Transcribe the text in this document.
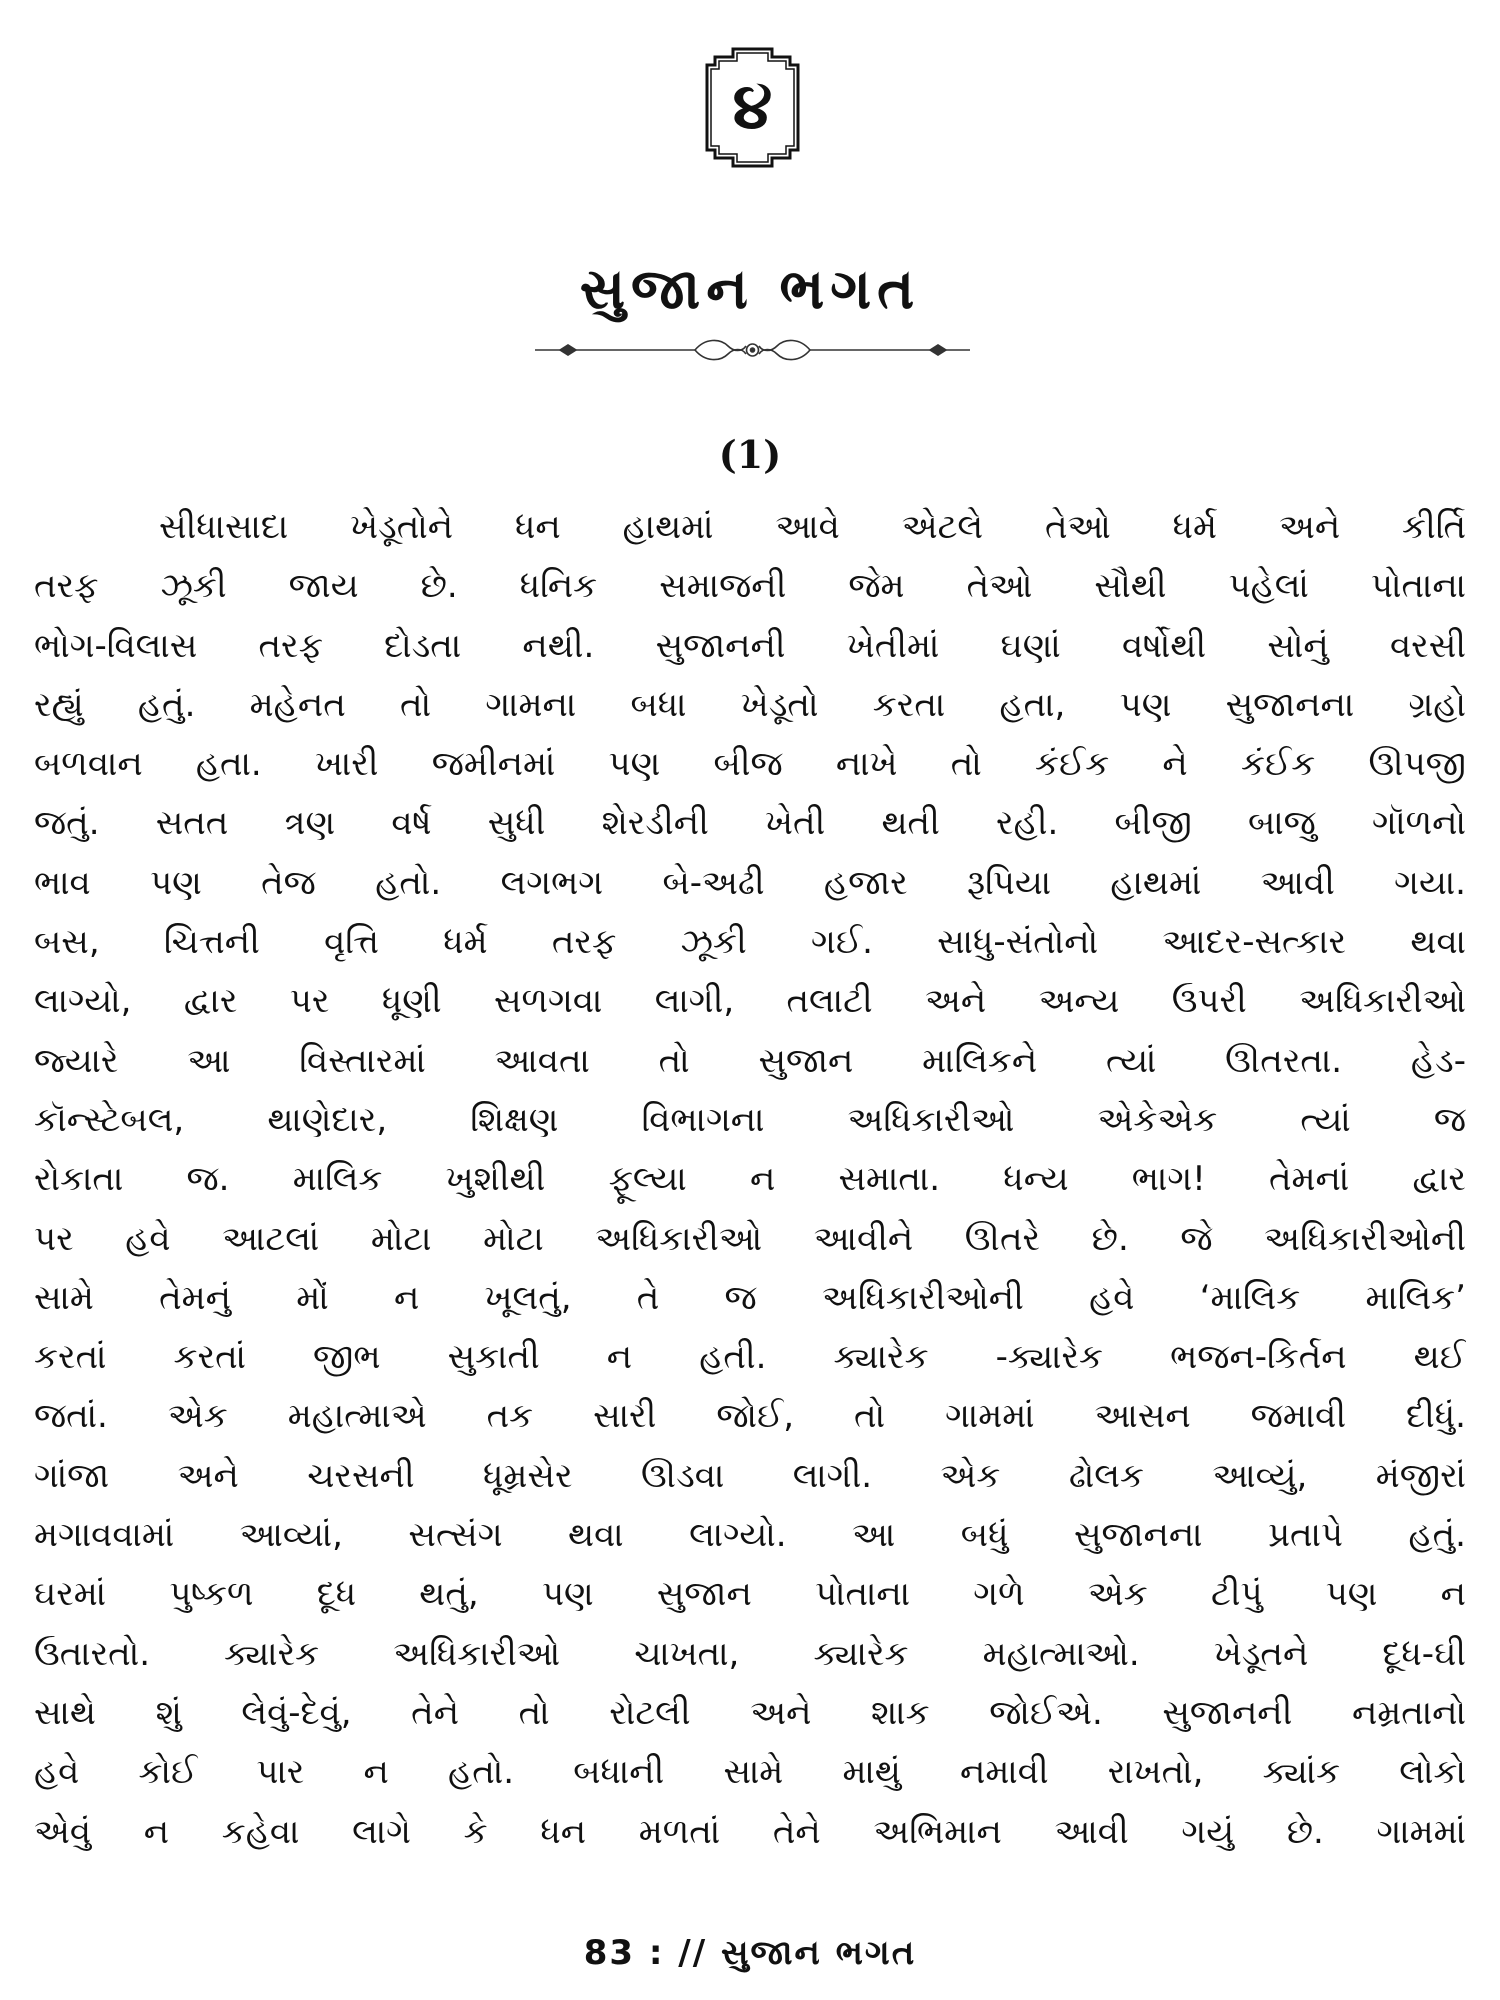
૪
સુજાન ભગત
(1)
સીધાસાદા ખેડૂતોને ધન હાથમાં આવે એટલે તેઓ ધર્મ અને કીર્તિ
તરફ ઝૂકી જાય છે. ધનિક સમાજની જેમ તેઓ સૌથી પહેલાં પોતાના
ભોગ-વિલાસ તરફ દોડતા નથી. સુજાનની ખેતીમાં ઘણાં વર્ષોથી સોનું વરસી
રહ્યું હતું. મહેનત તો ગામના બધા ખેડૂતો કરતા હતા, પણ સુજાનના ગ્રહો
બળવાન હતા. ખારી જમીનમાં પણ બીજ નાખે તો કંઈક ને કંઈક ઊપજી
જતું. સતત ત્રણ વર્ષ સુધી શેરડીની ખેતી થતી રહી. બીજી બાજુ ગૉળનો
ભાવ પણ તેજ હતો. લગભગ બે-અઢી હજાર રૂપિયા હાથમાં આવી ગયા.
બસ, ચિત્તની વૃત્તિ ધર્મ તરફ ઝૂકી ગઈ. સાધુ-સંતોનો આદર-સત્કાર થવા
લાગ્યો, દ્વાર પર ધૂણી સળગવા લાગી, તલાટી અને અન્ય ઉપરી અધિકારીઓ
જ્યારે આ વિસ્તારમાં આવતા તો સુજાન માલિકને ત્યાં ઊતરતા. હેડ-
કૉન્સ્ટેબલ, થાણેદાર, શિક્ષણ વિભાગના અધિકારીઓ એકેએક ત્યાં જ
રોકાતા જ. માલિક ખુશીથી ફૂલ્યા ન સમાતા. ધન્ય ભાગ! તેમનાં દ્વાર
પર હવે આટલાં મોટા મોટા અધિકારીઓ આવીને ઊતરે છે. જે અધિકારીઓની
સામે તેમનું મોં ન ખૂલતું, તે જ અધિકારીઓની હવે ‘માલિક માલિક’
કરતાં કરતાં જીભ સુકાતી ન હતી. ક્યારેક -ક્યારેક ભજન-કિર્તન થઈ
જતાં. એક મહાત્માએ તક સારી જોઈ, તો ગામમાં આસન જમાવી દીધું.
ગાંજા અને ચરસની ધૂમ્રસેર ઊડવા લાગી. એક ઢોલક આવ્યું, મંજીરાં
મગાવવામાં આવ્યાં, સત્સંગ થવા લાગ્યો. આ બધું સુજાનના પ્રતાપે હતું.
ઘરમાં પુષ્કળ દૂધ થતું, પણ સુજાન પોતાના ગળે એક ટીપું પણ ન
ઉતારતો. ક્યારેક અધિકારીઓ ચાખતા, ક્યારેક મહાત્માઓ. ખેડૂતને દૂધ-ઘી
સાથે શું લેવું-દેવું, તેને તો રોટલી અને શાક જોઈએ. સુજાનની નમ્રતાનો
હવે કોઈ પાર ન હતો. બધાની સામે માથું નમાવી રાખતો, ક્યાંક લોકો
એવું ન કહેવા લાગે કે ધન મળતાં તેને અભિમાન આવી ગયું છે. ગામમાં
83 : // સુજાન ભગત
